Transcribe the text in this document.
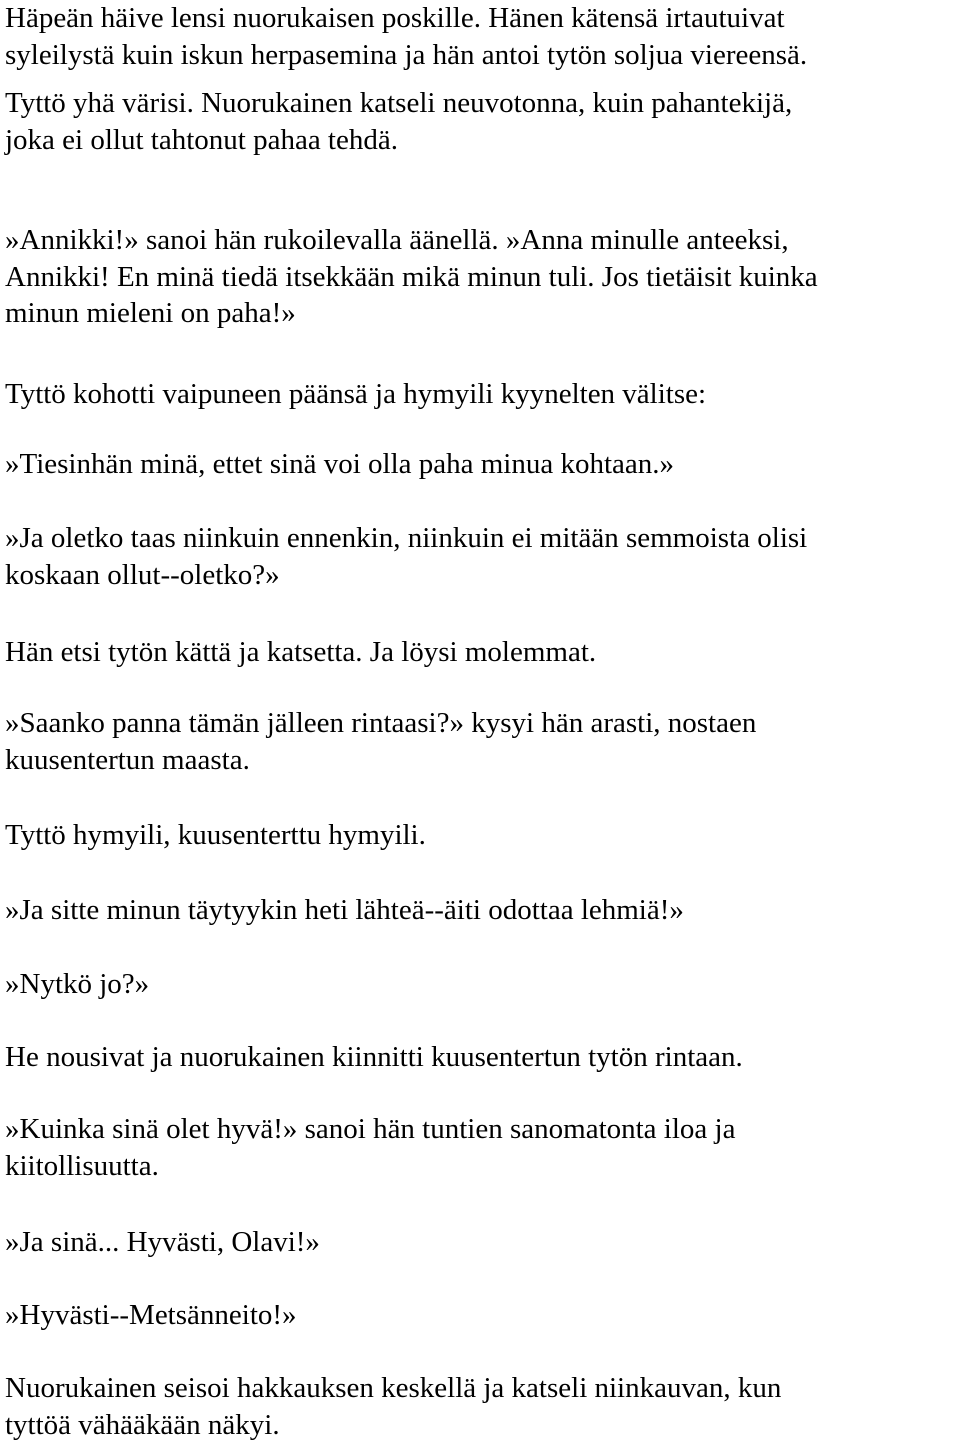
Häpeän häive lensi nuorukaisen poskille. Hänen kätensä irtautuivat
syleilystä kuin iskun herpasemina ja hän antoi tytön soljua viereensä.

Tyttö yhä värisi. Nuorukainen katseli neuvotonna, kuin pahantekijä,
joka ei ollut tahtonut pahaa tehdä.

»Annikki!» sanoi hän rukoilevalla äänellä. »Anna minulle anteeksi,
Annikki! En minä tiedä itsekkään mikä minun tuli. Jos tietäisit kuinka
minun mieleni on paha!»

Tyttö kohotti vaipuneen päänsä ja hymyili kyynelten välitse:

»Tiesinhän minä, ettet sinä voi olla paha minua kohtaan.»

»Ja oletko taas niinkuin ennenkin, niinkuin ei mitään semmoista olisi
koskaan ollut--oletko?»

Hän etsi tytön kättä ja katsetta. Ja löysi molemmat.

»Saanko panna tämän jälleen rintaasi?» kysyi hän arasti, nostaen
kuusentertun maasta.

Tyttö hymyili, kuusenterttu hymyili.

»Ja sitte minun täytyykin heti lähteä--äiti odottaa lehmiä!»

»Nytkö jo?»

He nousivat ja nuorukainen kiinnitti kuusentertun tytön rintaan.

»Kuinka sinä olet hyvä!» sanoi hän tuntien sanomatonta iloa ja
kiitollisuutta.

»Ja sinä... Hyvästi, Olavi!»

»Hyvästi--Metsänneito!»

Nuorukainen seisoi hakkauksen keskellä ja katseli niinkauvan, kun
tyttöä vähääkään näkyi.
